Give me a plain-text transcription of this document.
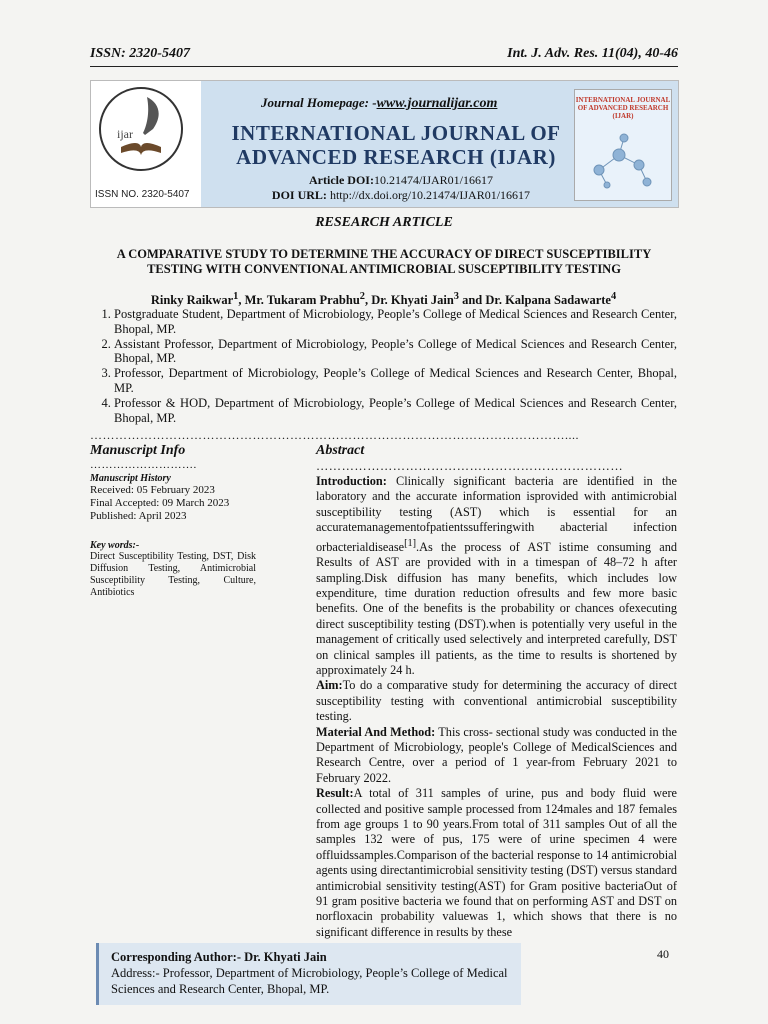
ISSN: 2320-5407	Int. J. Adv. Res. 11(04), 40-46
ijar
ISSN NO. 2320-5407
Journal Homepage: -www.journalijar.com
INTERNATIONAL JOURNAL OF
ADVANCED RESEARCH (IJAR)
Article DOI:10.21474/IJAR01/16617
DOI URL: http://dx.doi.org/10.21474/IJAR01/16617
INTERNATIONAL JOURNAL OF ADVANCED RESEARCH (IJAR)
RESEARCH ARTICLE
A COMPARATIVE STUDY TO DETERMINE THE ACCURACY OF DIRECT SUSCEPTIBILITY
TESTING WITH CONVENTIONAL ANTIMICROBIAL SUSCEPTIBILITY TESTING
Rinky Raikwar$^1$, Mr. Tukaram Prabhu$^2$, Dr. Khyati Jain$^3$ and Dr. Kalpana Sadawarte$^4$
1. Postgraduate Student, Department of Microbiology, People’s College of Medical Sciences and Research Center, Bhopal, MP.
2. Assistant Professor, Department of Microbiology, People’s College of Medical Sciences and Research Center, Bhopal, MP.
3. Professor, Department of Microbiology, People’s College of Medical Sciences and Research Center, Bhopal, MP.
4. Professor & HOD, Department of Microbiology, People’s College of Medical Sciences and Research Center, Bhopal, MP.
……………………………………………………………………………………………………....
Manuscript Info
……………………….
Manuscript History
Received: 05 February 2023
Final Accepted: 09 March 2023
Published: April 2023
Key words:-
Direct Susceptibility Testing, DST, Disk Diffusion Testing, Antimicrobial Susceptibility Testing, Culture, Antibiotics
Abstract
………………………………………………………………

Introduction: Clinically significant bacteria are identified in the laboratory and the accurate information isprovided with antimicrobial susceptibility testing (AST) which is essential for an accuratemanagementofpatientssufferingwith abacterial infection orbacterialdisease[1].As the process of AST istime consuming and Results of AST are provided with in a timespan of 48–72 h after sampling.Disk diffusion has many benefits, which includes low expenditure, time duration reduction ofresults and few more basic benefits. One of the benefits is the probability or chances ofexecuting direct susceptibility testing (DST).when is potentially very useful in the management of critically used selectively and interpreted carefully, DST on clinical samples ill patients, as the time to results is shortened by approximately 24 h.

Aim:To do a comparative study for determining the accuracy of direct susceptibility testing with conventional antimicrobial susceptibility testing.

Material And Method: This cross- sectional study was conducted in the Department of Microbiology, people's College of MedicalSciences and Research Centre, over a period of 1 year-from February 2021 to February 2022.

Result:A total of 311 samples of urine, pus and body fluid were collected and positive sample processed from 124males and 187 females from age groups 1 to 90 years.From total of 311 samples Out of all the samples 132 were of pus, 175 were of urine specimen 4 were offluidssamples.Comparison of the bacterial response to 14 antimicrobial agents using directantimicrobial sensitivity testing (DST) versus standard antimicrobial sensitivity testing(AST) for Gram positive bacteriaOut of 91 gram positive bacteria we found that on performing AST and DST on norfloxacin probability valuewas 1, which shows that there is no significant difference in results by these

Corresponding Author:- Dr. Khyati Jain
Address:- Professor, Department of Microbiology, People’s College of Medical Sciences and Research Center, Bhopal, MP.
40
